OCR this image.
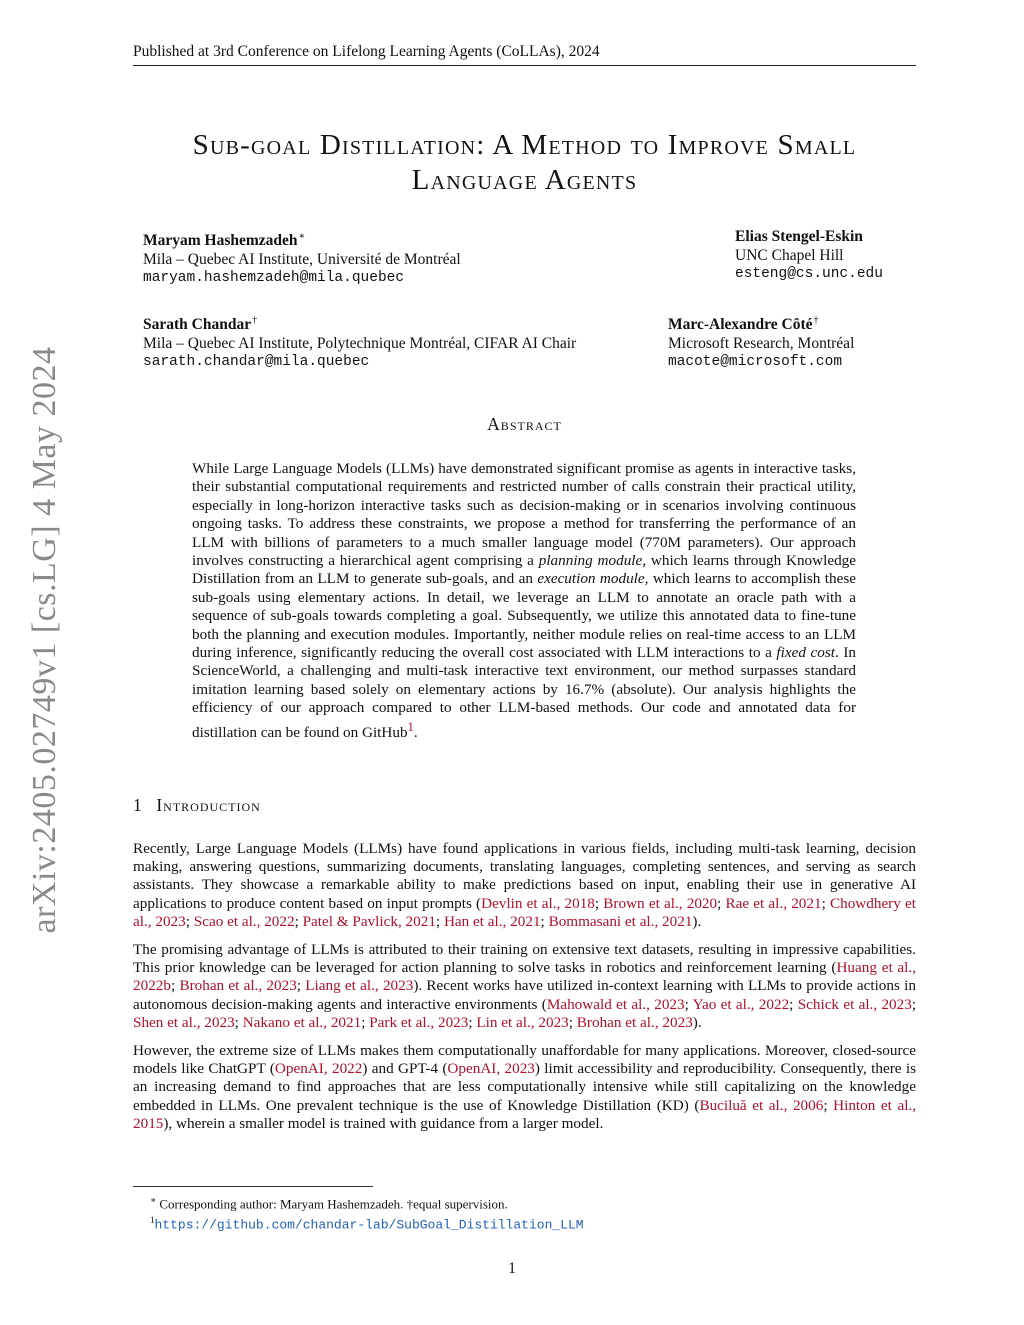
Published at 3rd Conference on Lifelong Learning Agents (CoLLAs), 2024
arXiv:2405.02749v1 [cs.LG] 4 May 2024
Sub-goal Distillation: A Method to Improve Small
Language Agents
Maryam Hashemzadeh∗
Mila – Quebec AI Institute, Université de Montréal
maryam.hashemzadeh@mila.quebec
Elias Stengel-Eskin
UNC Chapel Hill
esteng@cs.unc.edu
Sarath Chandar†
Mila – Quebec AI Institute, Polytechnique Montréal, CIFAR AI Chair
sarath.chandar@mila.quebec
Marc-Alexandre Côté†
Microsoft Research, Montréal
macote@microsoft.com
Abstract

While Large Language Models (LLMs) have demonstrated significant promise as agents in interactive tasks, their substantial computational requirements and restricted number of calls constrain their practical utility, especially in long-horizon interactive tasks such as decision-making or in scenarios involving continuous ongoing tasks. To address these constraints, we propose a method for transferring the performance of an LLM with billions of parameters to a much smaller language model (770M parameters). Our approach involves constructing a hierarchical agent comprising a planning module, which learns through Knowledge Distillation from an LLM to generate sub-goals, and an execution module, which learns to accomplish these sub-goals using elementary actions. In detail, we leverage an LLM to annotate an oracle path with a sequence of sub-goals towards completing a goal. Subsequently, we utilize this annotated data to fine-tune both the planning and execution modules. Importantly, neither module relies on real-time access to an LLM during inference, significantly reducing the overall cost associated with LLM interactions to a fixed cost. In ScienceWorld, a challenging and multi-task interactive text environment, our method surpasses standard imitation learning based solely on elementary actions by 16.7% (absolute). Our analysis highlights the efficiency of our approach compared to other LLM-based methods. Our code and annotated data for distillation can be found on GitHub$^1$.

1 Introduction

Recently, Large Language Models (LLMs) have found applications in various fields, including multi-task learning, decision making, answering questions, summarizing documents, translating languages, completing sentences, and serving as search assistants. They showcase a remarkable ability to make predictions based on input, enabling their use in generative AI applications to produce content based on input prompts (Devlin et al., 2018; Brown et al., 2020; Rae et al., 2021; Chowdhery et al., 2023; Scao et al., 2022; Patel & Pavlick, 2021; Han et al., 2021; Bommasani et al., 2021).

The promising advantage of LLMs is attributed to their training on extensive text datasets, resulting in impressive capabilities. This prior knowledge can be leveraged for action planning to solve tasks in robotics and reinforcement learning (Huang et al., 2022b; Brohan et al., 2023; Liang et al., 2023). Recent works have utilized in-context learning with LLMs to provide actions in autonomous decision-making agents and interactive environments (Mahowald et al., 2023; Yao et al., 2022; Schick et al., 2023; Shen et al., 2023; Nakano et al., 2021; Park et al., 2023; Lin et al., 2023; Brohan et al., 2023).

However, the extreme size of LLMs makes them computationally unaffordable for many applications. Moreover, closed-source models like ChatGPT (OpenAI, 2022) and GPT-4 (OpenAI, 2023) limit accessibility and reproducibility. Consequently, there is an increasing demand to find approaches that are less computationally intensive while still capitalizing on the knowledge embedded in LLMs. One prevalent technique is the use of Knowledge Distillation (KD) (Buciluă et al., 2006; Hinton et al., 2015), wherein a smaller model is trained with guidance from a larger model.

∗ Corresponding author: Maryam Hashemzadeh. †equal supervision.
$^1$https://github.com/chandar-lab/SubGoal_Distillation_LLM
1
